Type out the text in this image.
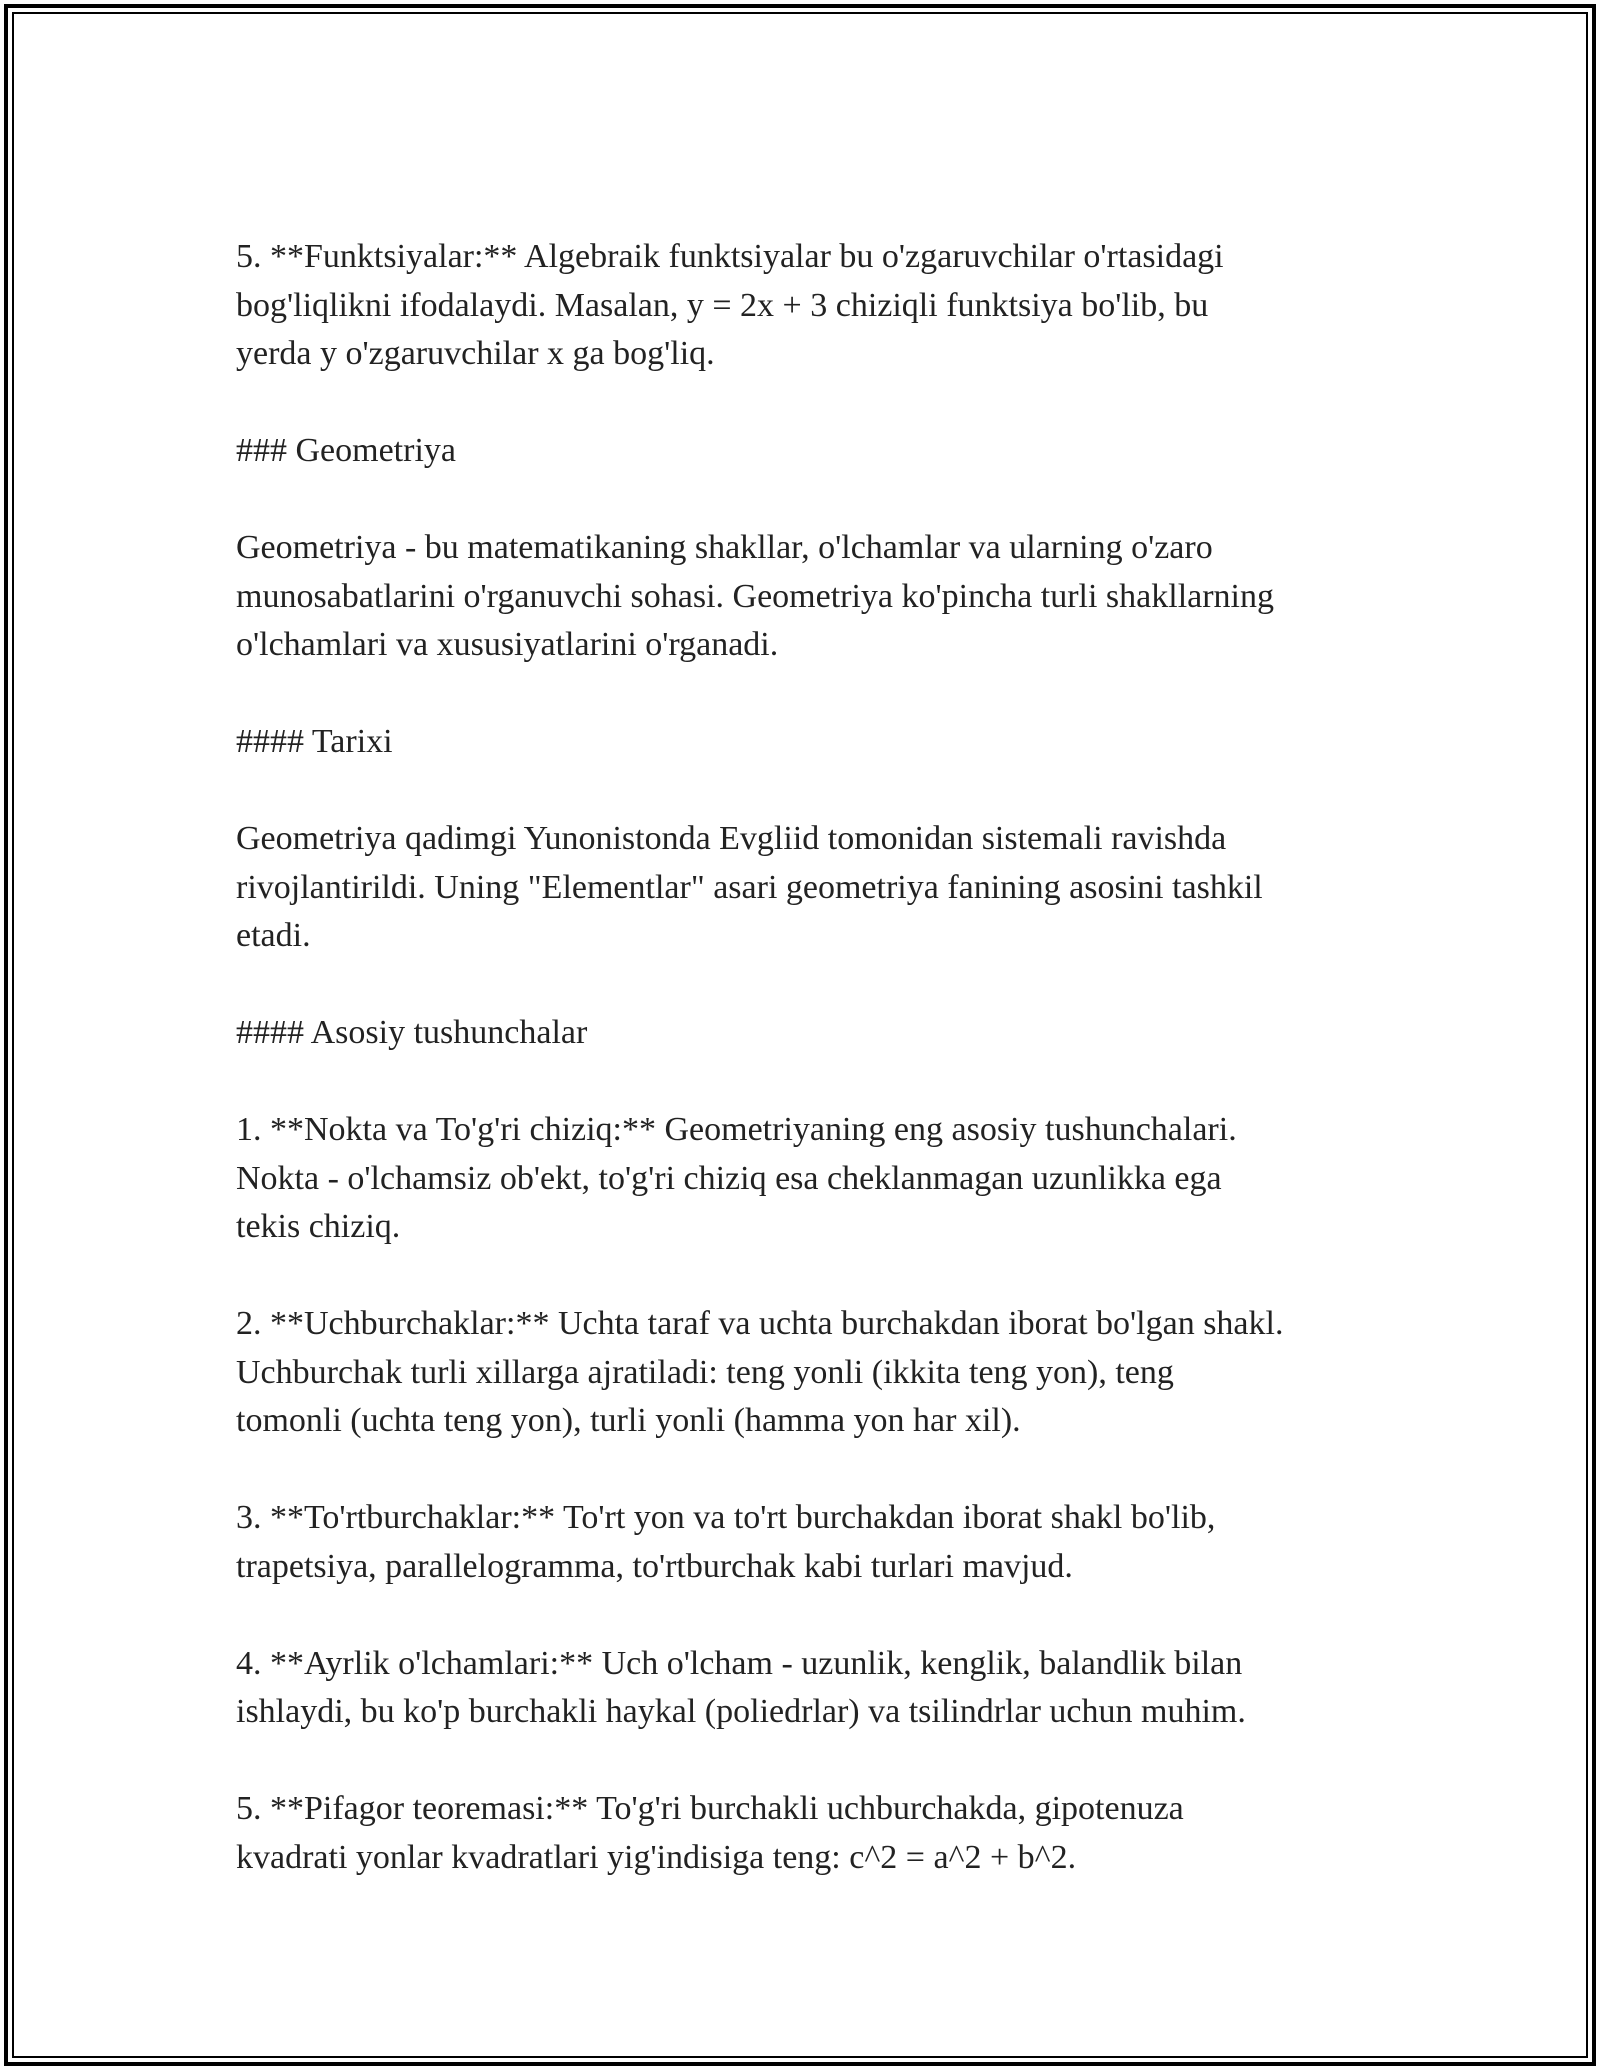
5. **Funktsiyalar:** Algebraik funktsiyalar bu o'zgaruvchilar o'rtasidagi
bog'liqlikni ifodalaydi. Masalan, y = 2x + 3 chiziqli funktsiya bo'lib, bu
yerda y o'zgaruvchilar x ga bog'liq.

### Geometriya

Geometriya - bu matematikaning shakllar, o'lchamlar va ularning o'zaro
munosabatlarini o'rganuvchi sohasi. Geometriya ko'pincha turli shakllarning
o'lchamlari va xususiyatlarini o'rganadi.

#### Tarixi

Geometriya qadimgi Yunonistonda Evgliid tomonidan sistemali ravishda
rivojlantirildi. Uning "Elementlar" asari geometriya fanining asosini tashkil
etadi.

#### Asosiy tushunchalar

1. **Nokta va To'g'ri chiziq:** Geometriyaning eng asosiy tushunchalari.
Nokta - o'lchamsiz ob'ekt, to'g'ri chiziq esa cheklanmagan uzunlikka ega
tekis chiziq.

2. **Uchburchaklar:** Uchta taraf va uchta burchakdan iborat bo'lgan shakl.
Uchburchak turli xillarga ajratiladi: teng yonli (ikkita teng yon), teng
tomonli (uchta teng yon), turli yonli (hamma yon har xil).

3. **To'rtburchaklar:** To'rt yon va to'rt burchakdan iborat shakl bo'lib,
trapetsiya, parallelogramma, to'rtburchak kabi turlari mavjud.

4. **Ayrlik o'lchamlari:** Uch o'lcham - uzunlik, kenglik, balandlik bilan
ishlaydi, bu ko'p burchakli haykal (poliedrlar) va tsilindrlar uchun muhim.

5. **Pifagor teoremasi:** To'g'ri burchakli uchburchakda, gipotenuza
kvadrati yonlar kvadratlari yig'indisiga teng: c^2 = a^2 + b^2.
